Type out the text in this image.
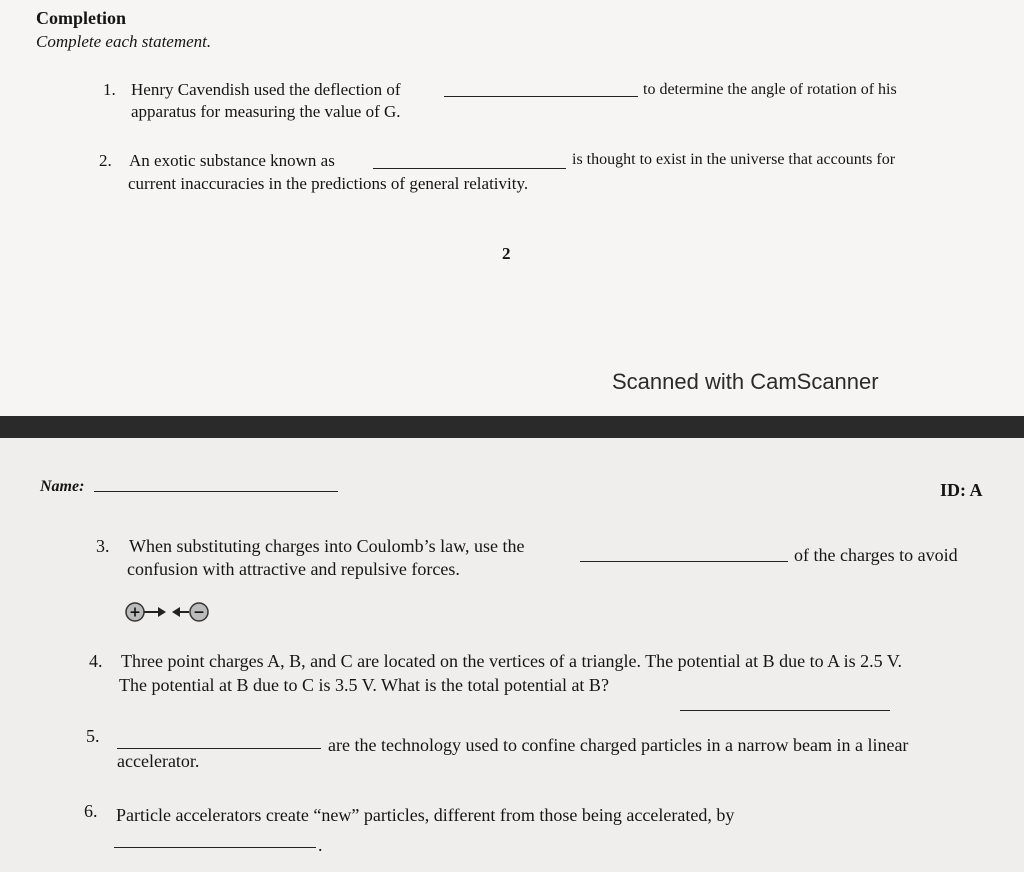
Completion
Complete each statement.
1. Henry Cavendish used the deflection of	to determine the angle of rotation of his
apparatus for measuring the value of G.
2. An exotic substance known as	is thought to exist in the universe that accounts for
current inaccuracies in the predictions of general relativity.
2
Scanned with CamScanner
Name:	ID: A
3. When substituting charges into Coulomb’s law, use the	of the charges to avoid
confusion with attractive and repulsive forces.
+	−
4. Three point charges A, B, and C are located on the vertices of a triangle. The potential at B due to A is 2.5 V.
The potential at B due to C is 3.5 V. What is the total potential at B?
5.	are the technology used to confine charged particles in a narrow beam in a linear
accelerator.
6. Particle accelerators create “new” particles, different from those being accelerated, by
.
